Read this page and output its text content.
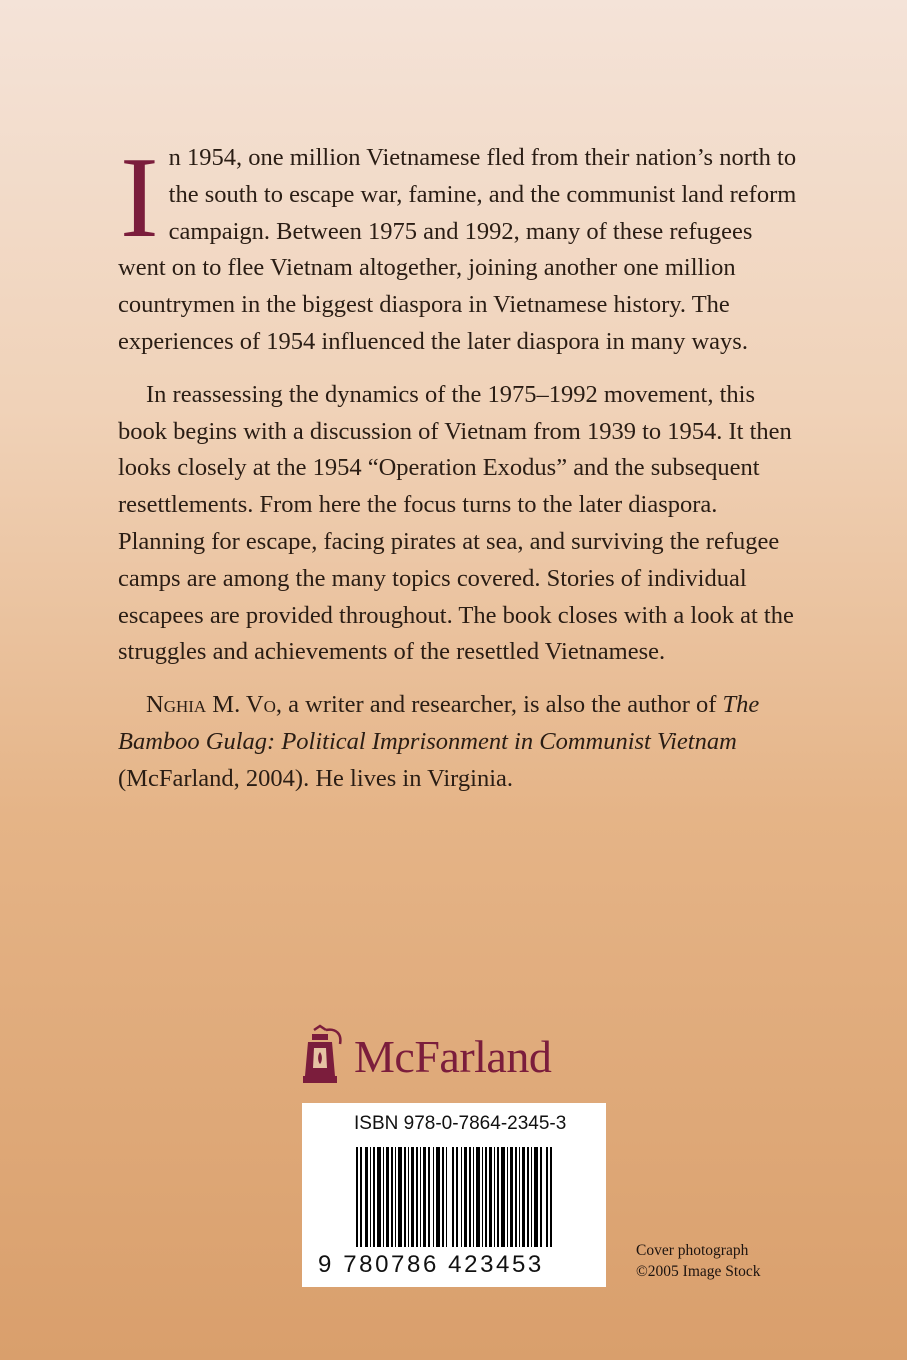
In 1954, one million Vietnamese fled from their nation’s north to the south to escape war, famine, and the communist land reform campaign. Between 1975 and 1992, many of these refugees went on to flee Vietnam altogether, joining another one million countrymen in the biggest diaspora in Vietnamese history. The experiences of 1954 influenced the later diaspora in many ways.

In reassessing the dynamics of the 1975–1992 movement, this book begins with a discussion of Vietnam from 1939 to 1954. It then looks closely at the 1954 “Operation Exodus” and the subsequent resettlements. From here the focus turns to the later diaspora. Planning for escape, facing pirates at sea, and surviving the refugee camps are among the many topics covered. Stories of individual escapees are provided throughout. The book closes with a look at the struggles and achievements of the resettled Vietnamese.

Nghia M. Vo, a writer and researcher, is also the author of The Bamboo Gulag: Political Imprisonment in Communist Vietnam (McFarland, 2004). He lives in Virginia.

McFarland
ISBN 978-0-7864-2345-3
9 780786 423453
Cover photograph
©2005 Image Stock
